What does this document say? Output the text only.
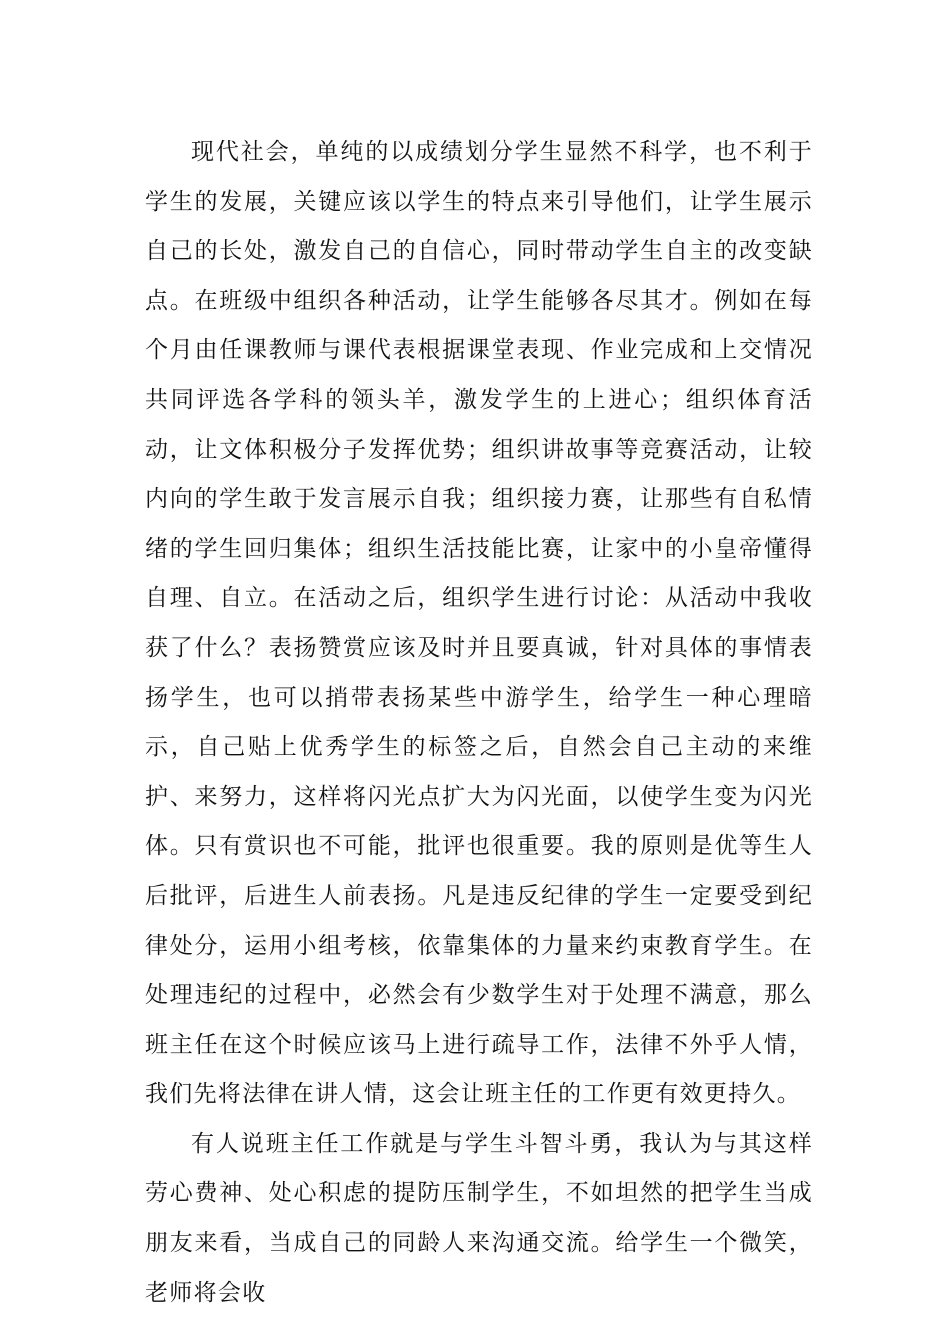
现代社会，单纯的以成绩划分学生显然不科学，也不利于学生的发展，关键应该以学生的特点来引导他们，让学生展示自己的长处，激发自己的自信心，同时带动学生自主的改变缺点。在班级中组织各种活动，让学生能够各尽其才。例如在每个月由任课教师与课代表根据课堂表现、作业完成和上交情况共同评选各学科的领头羊，激发学生的上进心；组织体育活动，让文体积极分子发挥优势；组织讲故事等竞赛活动，让较内向的学生敢于发言展示自我；组织接力赛，让那些有自私情绪的学生回归集体；组织生活技能比赛，让家中的小皇帝懂得自理、自立。在活动之后，组织学生进行讨论：从活动中我收获了什么？表扬赞赏应该及时并且要真诚，针对具体的事情表扬学生，也可以捎带表扬某些中游学生，给学生一种心理暗示，自己贴上优秀学生的标签之后，自然会自己主动的来维护、来努力，这样将闪光点扩大为闪光面，以使学生变为闪光体。只有赏识也不可能，批评也很重要。我的原则是优等生人后批评，后进生人前表扬。凡是违反纪律的学生一定要受到纪律处分，运用小组考核，依靠集体的力量来约束教育学生。在处理违纪的过程中，必然会有少数学生对于处理不满意，那么班主任在这个时候应该马上进行疏导工作，法律不外乎人情，我们先将法律在讲人情，这会让班主任的工作更有效更持久。

有人说班主任工作就是与学生斗智斗勇，我认为与其这样劳心费神、处心积虑的提防压制学生，不如坦然的把学生当成朋友来看，当成自己的同龄人来沟通交流。给学生一个微笑，老师将会收
